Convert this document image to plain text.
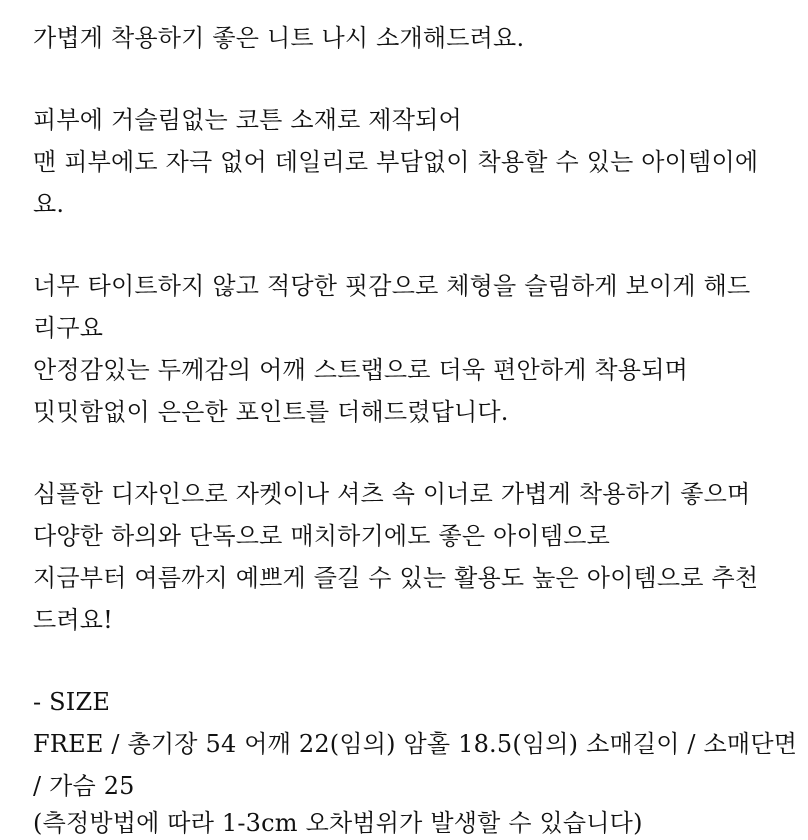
가볍게 착용하기 좋은 니트 나시 소개해드려요.
피부에 거슬림없는 코튼 소재로 제작되어
맨 피부에도 자극 없어 데일리로 부담없이 착용할 수 있는 아이템이에
요.
너무 타이트하지 않고 적당한 핏감으로 체형을 슬림하게 보이게 해드
리구요
안정감있는 두께감의 어깨 스트랩으로 더욱 편안하게 착용되며
밋밋함없이 은은한 포인트를 더해드렸답니다.
심플한 디자인으로 자켓이나 셔츠 속 이너로 가볍게 착용하기 좋으며
다양한 하의와 단독으로 매치하기에도 좋은 아이템으로
지금부터 여름까지 예쁘게 즐길 수 있는 활용도 높은 아이템으로 추천
드려요!
- SIZE
FREE / 총기장 54 어깨 22(임의) 암홀 18.5(임의) 소매길이 / 소매단면
/ 가슴 25
(측정방법에 따라 1-3cm 오차범위가 발생할 수 있습니다)
